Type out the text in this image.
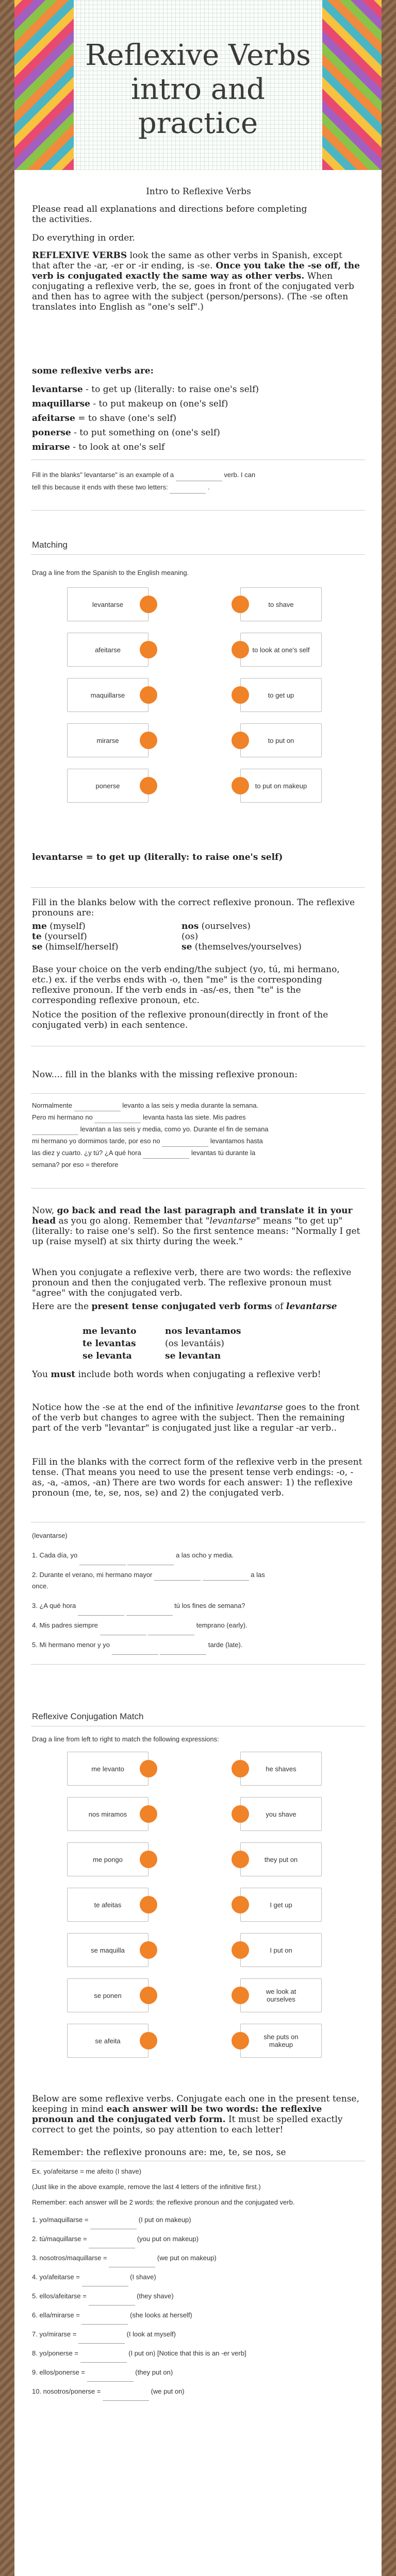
Reflexive Verbs intro and practice
Intro to Reflexive Verbs
Please read all explanations and directions before completing the activities.
Do everything in order.
REFLEXIVE VERBS look the same as other verbs in Spanish, except that after the -ar, -er or -ir ending, is -se. Once you take the -se off, the verb is conjugated exactly the same way as other verbs. When conjugating a reflexive verb, the se, goes in front of the conjugated verb and then has to agree with the subject (person/persons). (The -se often translates into English as "one's self".)
some reflexive verbs are:
levantarse - to get up (literally: to raise one's self)
maquillarse - to put makeup on (one's self)
afeitarse = to shave (one's self)
ponerse - to put something on (one's self)
mirarse - to look at one's self
Fill in the blanks" levantarse" is an example of a	verb. I can
tell this because it ends with these two letters:	.
Matching
Drag a line from the Spanish to the English meaning.
levantarse
afeitarse
maquillarse
mirarse
ponerse
to shave
to look at one's self
to get up
to put on
to put on makeup
levantarse = to get up (literally: to raise one's self)
Fill in the blanks below with the correct reflexive pronoun. The reflexive pronouns are:
me (myself)	nos (ourselves)
te (yourself)	(os)
se (himself/herself)	se (themselves/yourselves)
Base your choice on the verb ending/the subject (yo, tú, mi hermano, etc.) ex. if the verbs ends with -o, then "me" is the corresponding reflexive pronoun. If the verb ends in -as/-es, then "te" is the corresponding reflexive pronoun, etc.
Notice the position of the reflexive pronoun(directly in front of the conjugated verb) in each sentence.
Now.... fill in the blanks with the missing reflexive pronoun:
Normalmente	levanto a las seis y media durante la semana.
Pero mi hermano no	levanta hasta las siete. Mis padres
levantan a las seis y media, como yo. Durante el fin de semana
mi hermano yo dormimos tarde, por eso no	levantamos hasta
las diez y cuarto. ¿y tú? ¿A qué hora	levantas tú durante la
semana? por eso = therefore
Now, go back and read the last paragraph and translate it in your head as you go along. Remember that "levantarse" means "to get up" (literally: to raise one's self). So the first sentence means: "Normally I get up (raise myself) at six thirty during the week."
When you conjugate a reflexive verb, there are two words: the reflexive pronoun and then the conjugated verb. The reflexive pronoun must "agree" with the conjugated verb.
Here are the present tense conjugated verb forms of levantarse
me levanto	nos levantamos
te levantas	(os levantáis)
se levanta	se levantan
You must include both words when conjugating a reflexive verb!
Notice how the -se at the end of the infinitive levantarse goes to the front of the verb but changes to agree with the subject. Then the remaining part of the verb "levantar" is conjugated just like a regular -ar verb..
Fill in the blanks with the correct form of the reflexive verb in the present tense. (That means you need to use the present tense verb endings: -o, -as, -a, -amos, -an) There are two words for each answer: 1) the reflexive pronoun (me, te, se, nos, se) and 2) the conjugated verb.
(levantarse)
1. Cada día, yo	a las ocho y media.
2. Durante el verano, mi hermano mayor	a las
once.
3. ¿A qué hora	tú los fines de semana?
4. Mis padres siempre	temprano (early).
5. Mi hermano menor y yo	tarde (late).
Reflexive Conjugation Match
Drag a line from left to right to match the following expressions:
me levanto
nos miramos
me pongo
te afeitas
se maquilla
se ponen
se afeita
he shaves
you shave
they put on
I get up
I put on
we look at ourselves
she puts on makeup
Below are some reflexive verbs. Conjugate each one in the present tense, keeping in mind each answer will be two words: the reflexive pronoun and the conjugated verb form. It must be spelled exactly correct to get the points, so pay attention to each letter!
Remember: the reflexive pronouns are: me, te, se nos, se
Ex. yo/afeitarse = me afeito (I shave)
(Just like in the above example, remove the last 4 letters of the infinitive first.)
Remember: each answer will be 2 words: the reflexive pronoun and the conjugated verb.
1. yo/maquillarse =	(I put on makeup)
2. tú/maquillarse =	(you put on makeup)
3. nosotros/maquillarse =	(we put on makeup)
4. yo/afeitarse =	(I shave)
5. ellos/afeitarse =	(they shave)
6. ella/mirarse =	(she looks at herself)
7. yo/mirarse =	(I look at myself)
8. yo/ponerse =	(I put on) [Notice that this is an -er verb]
9. ellos/ponerse =	(they put on)
10. nosotros/ponerse =	(we put on)
